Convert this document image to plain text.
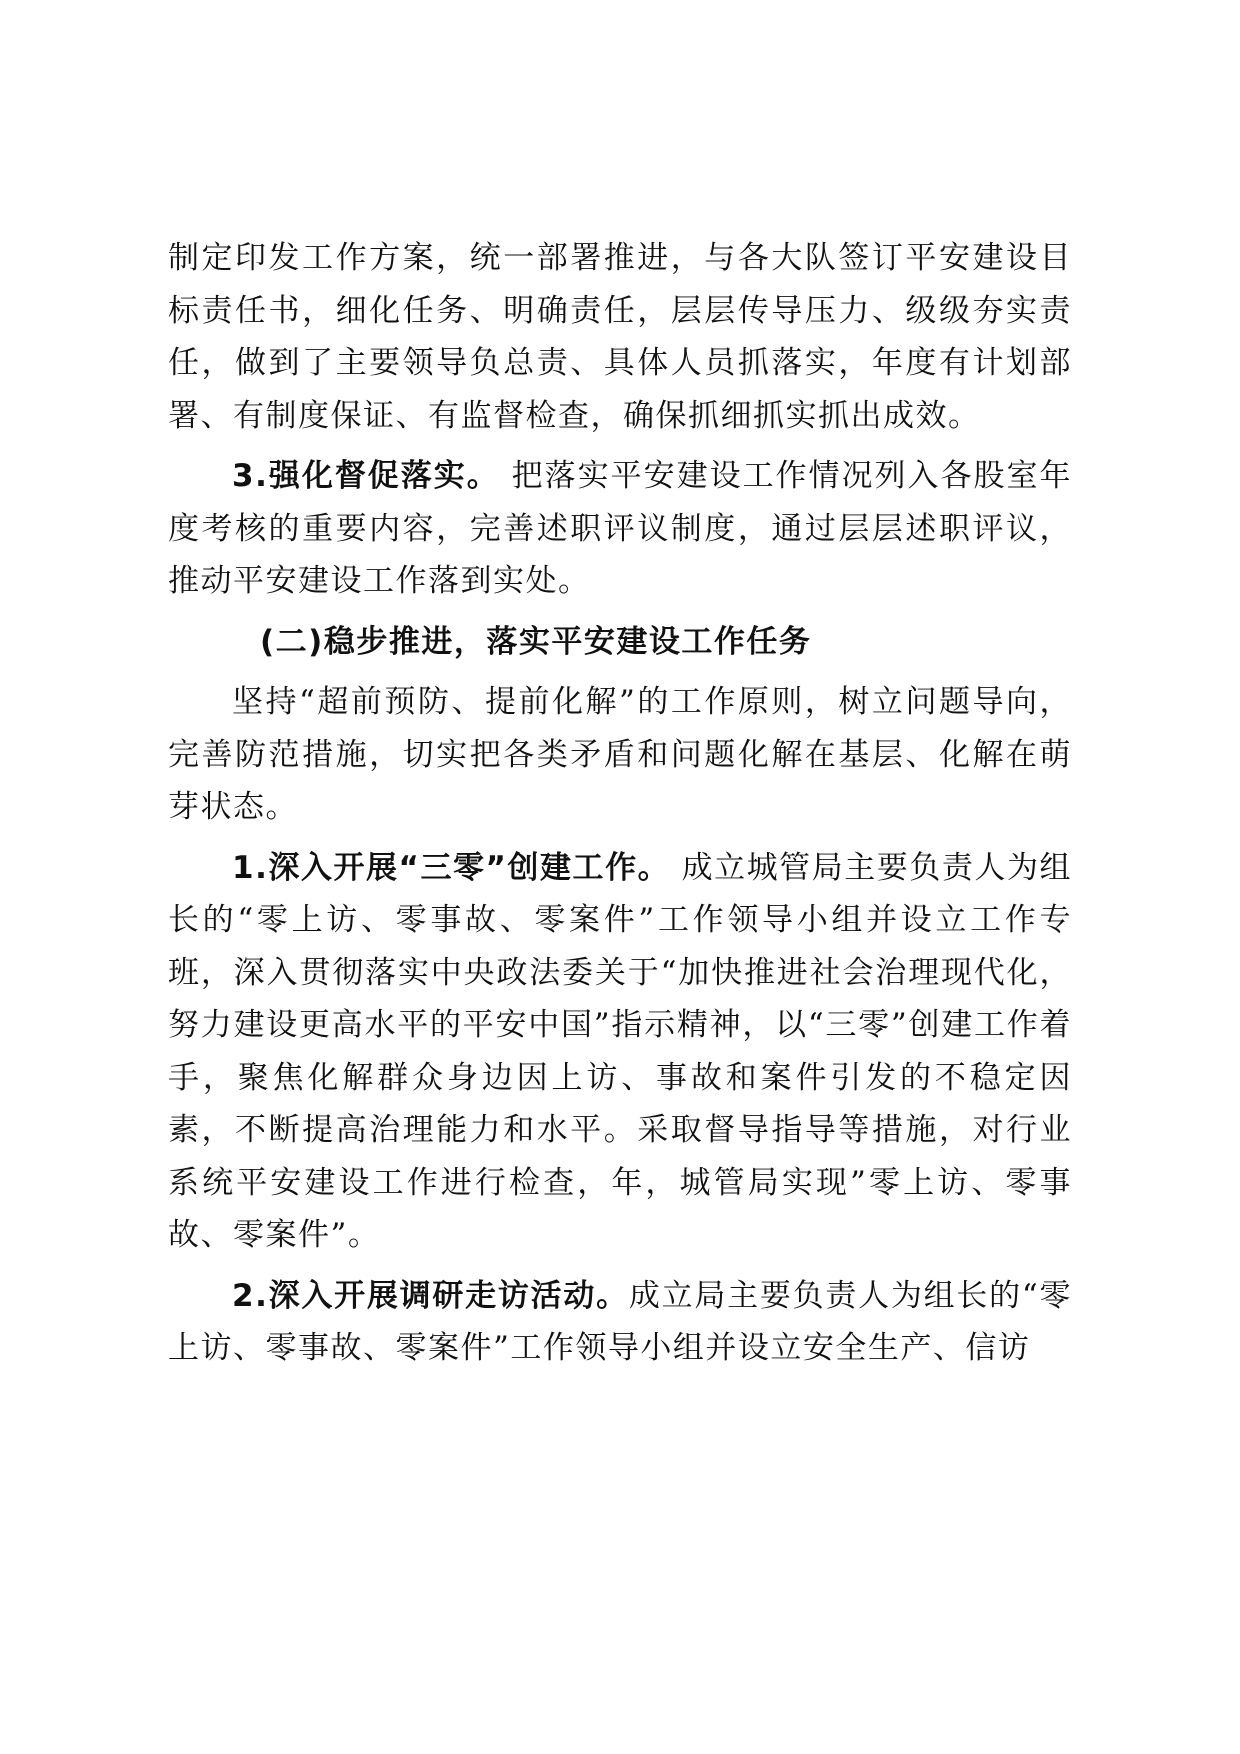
制定印发工作方案，统一部署推进，与各大队签订平安建设目标责任书，细化任务、明确责任，层层传导压力、级级夯实责任，做到了主要领导负总责、具体人员抓落实，年度有计划部署、有制度保证、有监督检查，确保抓细抓实抓出成效。

3.强化督促落实。 把落实平安建设工作情况列入各股室年度考核的重要内容，完善述职评议制度，通过层层述职评议，推动平安建设工作落到实处。

(二)稳步推进，落实平安建设工作任务

坚持“超前预防、提前化解”的工作原则，树立问题导向，完善防范措施，切实把各类矛盾和问题化解在基层、化解在萌芽状态。

1.深入开展“三零”创建工作。 成立城管局主要负责人为组长的“零上访、零事故、零案件”工作领导小组并设立工作专班，深入贯彻落实中央政法委关于“加快推进社会治理现代化，努力建设更高水平的平安中国”指示精神，以“三零”创建工作着手，聚焦化解群众身边因上访、事故和案件引发的不稳定因素，不断提高治理能力和水平。采取督导指导等措施，对行业系统平安建设工作进行检查，年，城管局实现”零上访、零事故、零案件”。

2.深入开展调研走访活动。成立局主要负责人为组长的“零上访、零事故、零案件”工作领导小组并设立安全生产、信访
